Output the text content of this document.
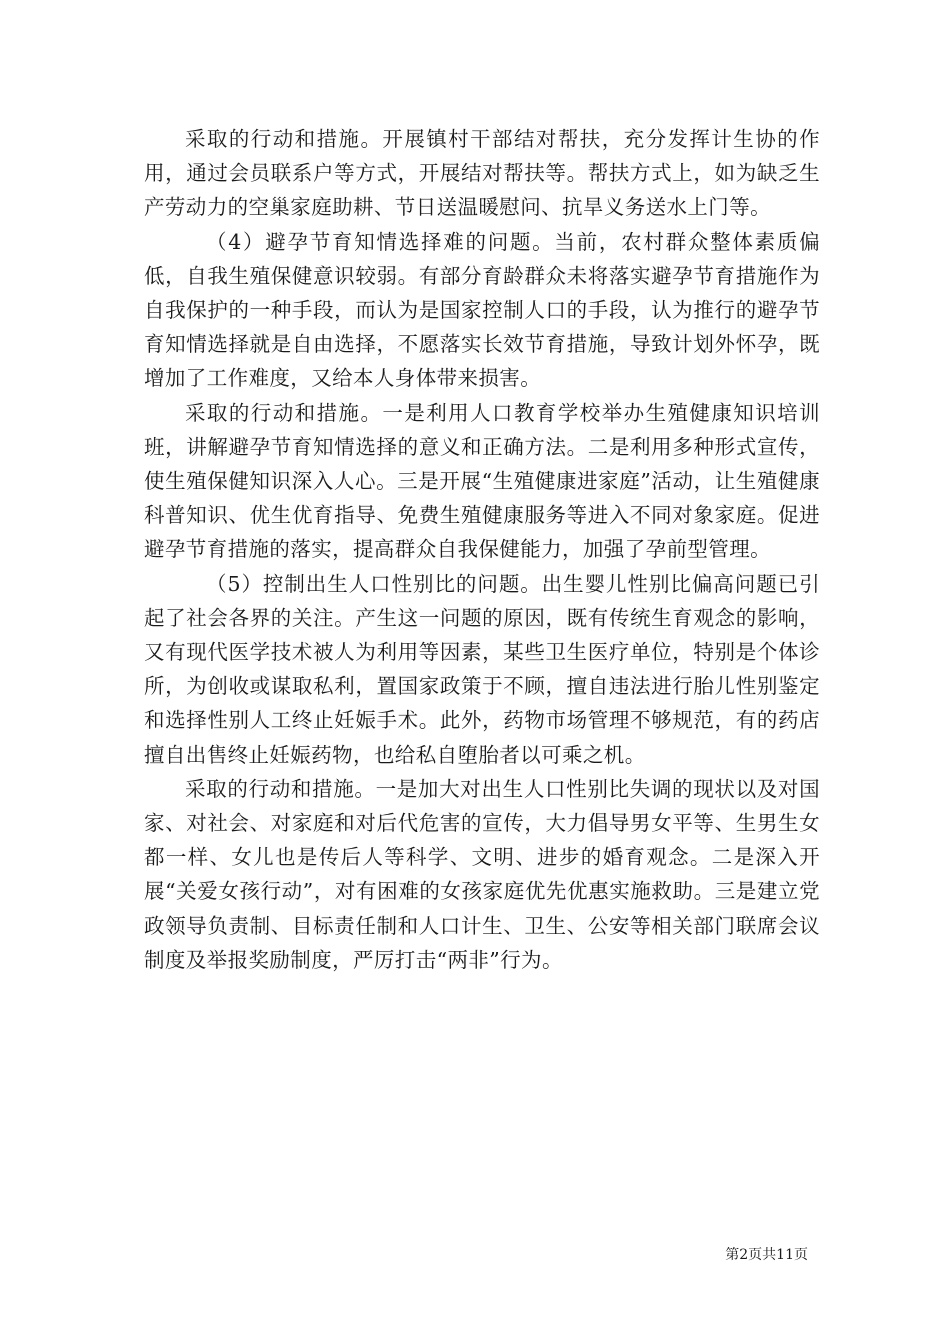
采取的行动和措施。开展镇村干部结对帮扶，充分发挥计生协的作用，通过会员联系户等方式，开展结对帮扶等。帮扶方式上，如为缺乏生产劳动力的空巢家庭助耕、节日送温暖慰问、抗旱义务送水上门等。

（4）避孕节育知情选择难的问题。当前，农村群众整体素质偏低，自我生殖保健意识较弱。有部分育龄群众未将落实避孕节育措施作为自我保护的一种手段，而认为是国家控制人口的手段，认为推行的避孕节育知情选择就是自由选择，不愿落实长效节育措施，导致计划外怀孕，既增加了工作难度，又给本人身体带来损害。

采取的行动和措施。一是利用人口教育学校举办生殖健康知识培训班，讲解避孕节育知情选择的意义和正确方法。二是利用多种形式宣传，使生殖保健知识深入人心。三是开展“生殖健康进家庭”活动，让生殖健康科普知识、优生优育指导、免费生殖健康服务等进入不同对象家庭。促进避孕节育措施的落实，提高群众自我保健能力，加强了孕前型管理。

（5）控制出生人口性别比的问题。出生婴儿性别比偏高问题已引起了社会各界的关注。产生这一问题的原因，既有传统生育观念的影响，又有现代医学技术被人为利用等因素，某些卫生医疗单位，特别是个体诊所，为创收或谋取私利，置国家政策于不顾，擅自违法进行胎儿性别鉴定和选择性别人工终止妊娠手术。此外，药物市场管理不够规范，有的药店擅自出售终止妊娠药物，也给私自堕胎者以可乘之机。

采取的行动和措施。一是加大对出生人口性别比失调的现状以及对国家、对社会、对家庭和对后代危害的宣传，大力倡导男女平等、生男生女都一样、女儿也是传后人等科学、文明、进步的婚育观念。二是深入开展“关爱女孩行动”，对有困难的女孩家庭优先优惠实施救助。三是建立党政领导负责制、目标责任制和人口计生、卫生、公安等相关部门联席会议制度及举报奖励制度，严厉打击“两非”行为。

第2页共11页
